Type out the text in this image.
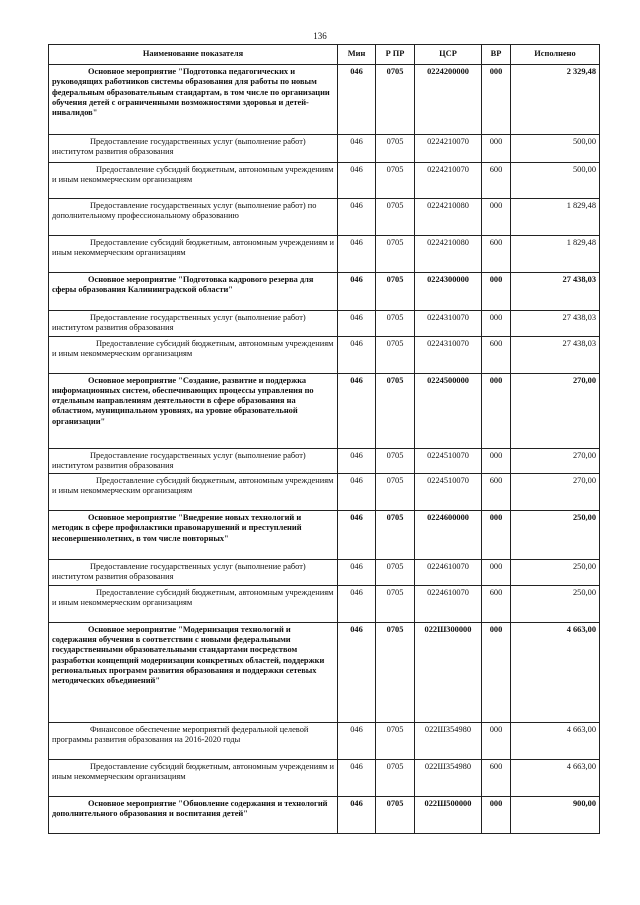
136
Наименование показателя	Мин	Р ПР	ЦСР	ВР	Исполнено
Основное мероприятие "Подготовка педагогических и руководящих работников системы образования для работы по новым федеральным образовательным стандартам, в том числе по организации обучения детей с ограниченными возможностями здоровья и детей-инвалидов"	046	0705	0224200000	000	2 329,48
Предоставление государственных услуг (выполнение работ) институтом развития образования	046	0705	0224210070	000	500,00
Предоставление субсидий бюджетным, автономным учреждениям и иным некоммерческим организациям	046	0705	0224210070	600	500,00
Предоставление государственных услуг (выполнение работ) по дополнительному профессиональному образованию	046	0705	0224210080	000	1 829,48
Предоставление субсидий бюджетным, автономным учреждениям и иным некоммерческим организациям	046	0705	0224210080	600	1 829,48
Основное мероприятие "Подготовка кадрового резерва для сферы образования Калининградской области"	046	0705	0224300000	000	27 438,03
Предоставление государственных услуг (выполнение работ) институтом развития образования	046	0705	0224310070	000	27 438,03
Предоставление субсидий бюджетным, автономным учреждениям и иным некоммерческим организациям	046	0705	0224310070	600	27 438,03
Основное мероприятие "Создание, развитие и поддержка информационных систем, обеспечивающих процессы управления по отдельным направлениям деятельности в сфере образования на областном, муниципальном уровнях, на уровне образовательной организации"	046	0705	0224500000	000	270,00
Предоставление государственных услуг (выполнение работ) институтом развития образования	046	0705	0224510070	000	270,00
Предоставление субсидий бюджетным, автономным учреждениям и иным некоммерческим организациям	046	0705	0224510070	600	270,00
Основное мероприятие "Внедрение новых технологий и методик в сфере профилактики правонарушений и преступлений несовершеннолетних, в том числе повторных"	046	0705	0224600000	000	250,00
Предоставление государственных услуг (выполнение работ) институтом развития образования	046	0705	0224610070	000	250,00
Предоставление субсидий бюджетным, автономным учреждениям и иным некоммерческим организациям	046	0705	0224610070	600	250,00
Основное мероприятие "Модернизация технологий и содержания обучения в соответствии с новыми федеральными государственными образовательными стандартами посредством разработки концепций модернизации конкретных областей, поддержки региональных программ развития образования и поддержки сетевых методических объединений"	046	0705	022Ш300000	000	4 663,00
Финансовое обеспечение мероприятий федеральной целевой программы развития образования на 2016-2020 годы	046	0705	022Ш354980	000	4 663,00
Предоставление субсидий бюджетным, автономным учреждениям и иным некоммерческим организациям	046	0705	022Ш354980	600	4 663,00
Основное мероприятие "Обновление содержания и технологий дополнительного образования и воспитания детей"	046	0705	022Ш500000	000	900,00
